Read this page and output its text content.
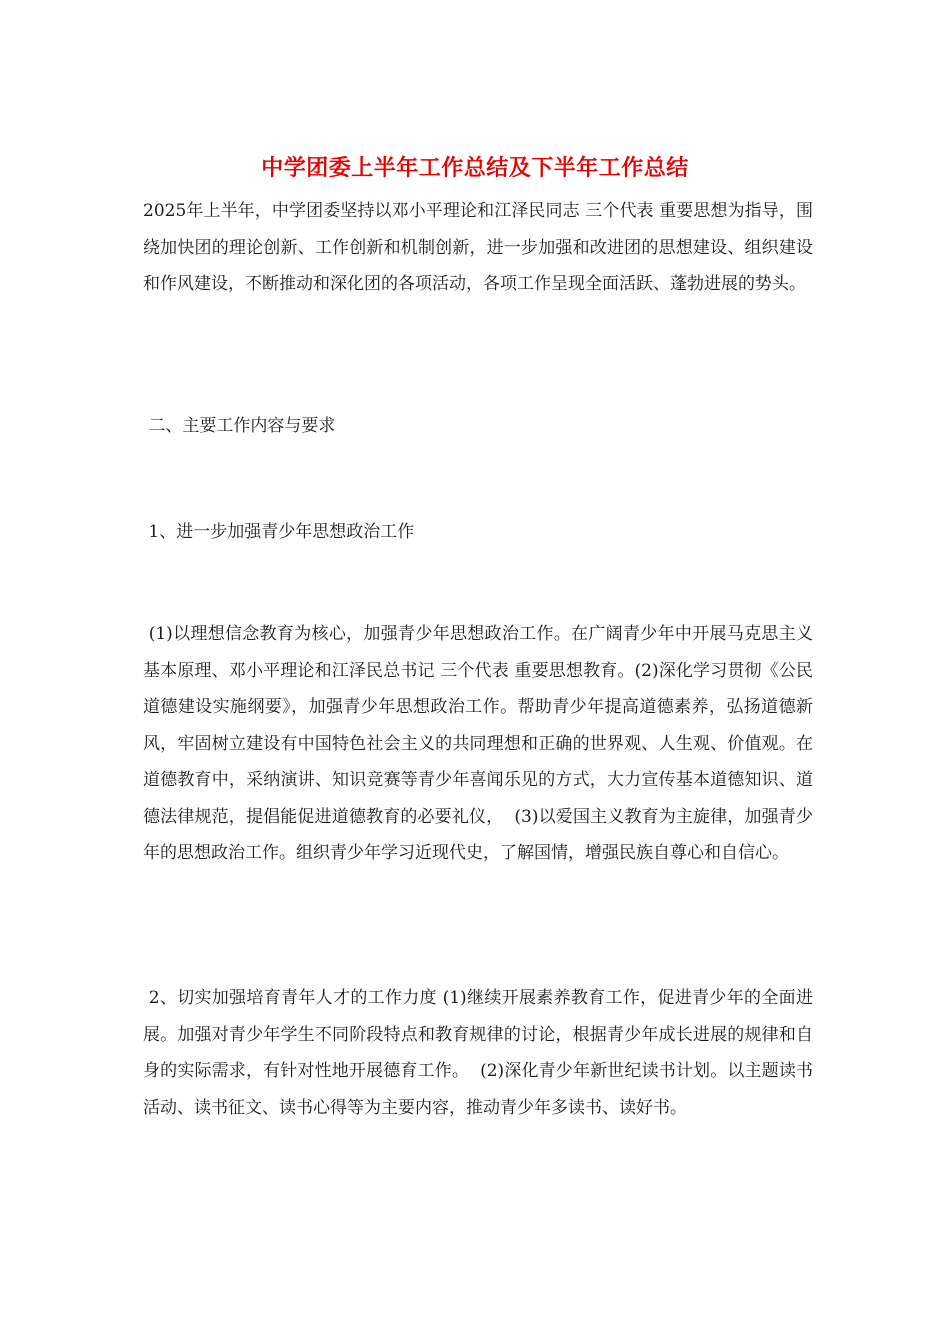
中学团委上半年工作总结及下半年工作总结
2025年上半年，中学团委坚持以邓小平理论和江泽民同志 三个代表 重要思想为指导，围绕加快团的理论创新、工作创新和机制创新，进一步加强和改进团的思想建设、组织建设和作风建设，不断推动和深化团的各项活动，各项工作呈现全面活跃、蓬勃进展的势头。
二、主要工作内容与要求
1、进一步加强青少年思想政治工作
(1)以理想信念教育为核心，加强青少年思想政治工作。在广阔青少年中开展马克思主义基本原理、邓小平理论和江泽民总书记 三个代表 重要思想教育。(2)深化学习贯彻《公民道德建设实施纲要》，加强青少年思想政治工作。帮助青少年提高道德素养，弘扬道德新风，牢固树立建设有中国特色社会主义的共同理想和正确的世界观、人生观、价值观。在道德教育中，采纳演讲、知识竞赛等青少年喜闻乐见的方式，大力宣传基本道德知识、道德法律规范，提倡能促进道德教育的必要礼仪，  (3)以爱国主义教育为主旋律，加强青少年的思想政治工作。组织青少年学习近现代史，了解国情，增强民族自尊心和自信心。
2、切实加强培育青年人才的工作力度 (1)继续开展素养教育工作，促进青少年的全面进展。加强对青少年学生不同阶段特点和教育规律的讨论，根据青少年成长进展的规律和自身的实际需求，有针对性地开展德育工作。  (2)深化青少年新世纪读书计划。以主题读书活动、读书征文、读书心得等为主要内容，推动青少年多读书、读好书。
